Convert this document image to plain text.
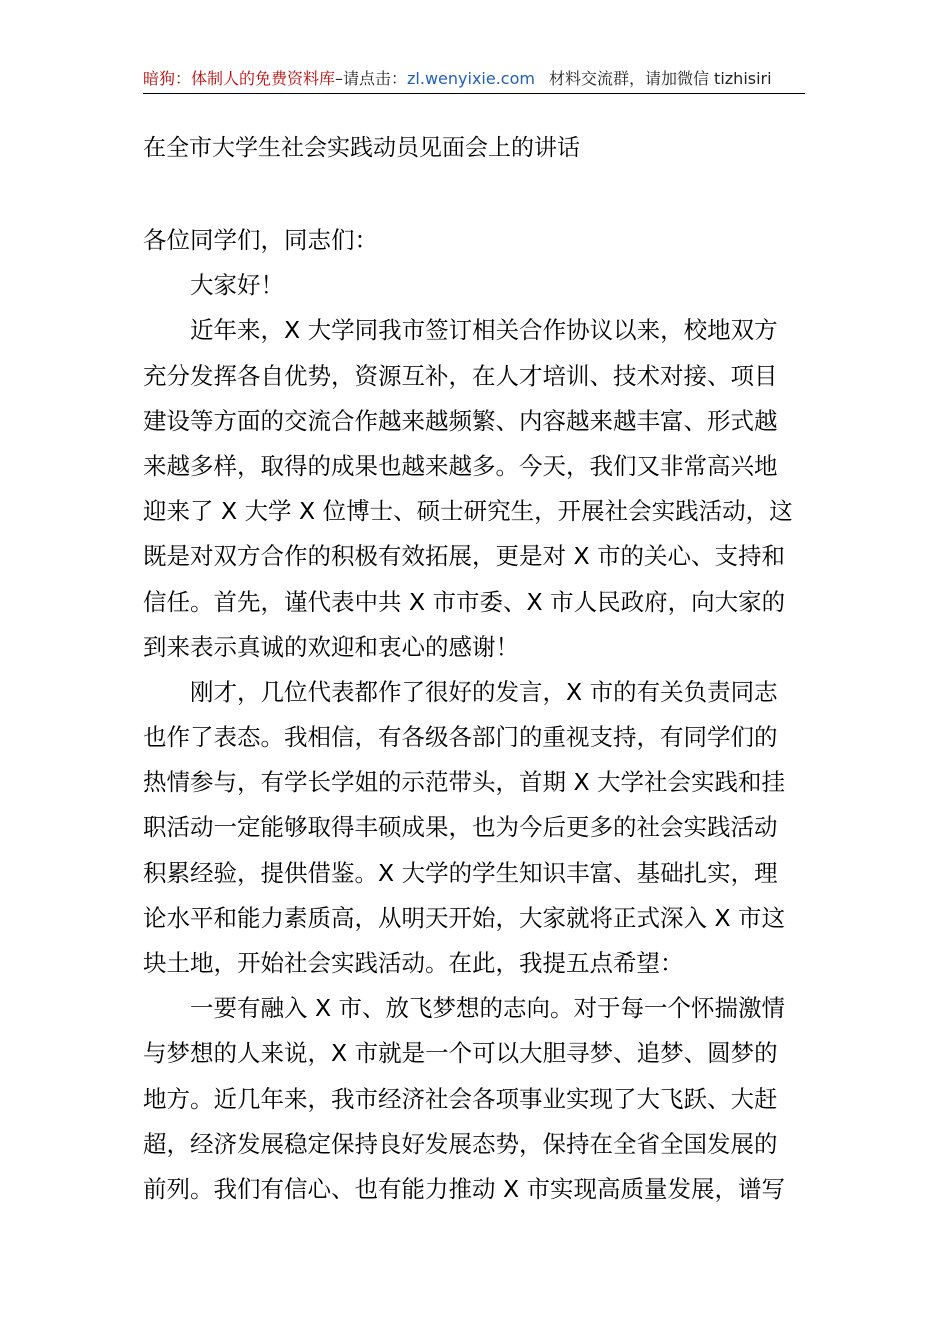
暗狗：体制人的免费资料库–请点击：zl.wenyixie.com 材料交流群，请加微信 tizhisiri
在全市大学生社会实践动员见面会上的讲话
各位同学们，同志们：
大家好！
近年来，X 大学同我市签订相关合作协议以来，校地双方
充分发挥各自优势，资源互补，在人才培训、技术对接、项目
建设等方面的交流合作越来越频繁、内容越来越丰富、形式越
来越多样，取得的成果也越来越多。今天，我们又非常高兴地
迎来了 X 大学 X 位博士、硕士研究生，开展社会实践活动，这
既是对双方合作的积极有效拓展，更是对 X 市的关心、支持和
信任。首先，谨代表中共 X 市市委、X 市人民政府，向大家的
到来表示真诚的欢迎和衷心的感谢！
刚才，几位代表都作了很好的发言，X 市的有关负责同志
也作了表态。我相信，有各级各部门的重视支持，有同学们的
热情参与，有学长学姐的示范带头，首期 X 大学社会实践和挂
职活动一定能够取得丰硕成果，也为今后更多的社会实践活动
积累经验，提供借鉴。X 大学的学生知识丰富、基础扎实，理
论水平和能力素质高，从明天开始，大家就将正式深入 X 市这
块土地，开始社会实践活动。在此，我提五点希望：
一要有融入 X 市、放飞梦想的志向。对于每一个怀揣激情
与梦想的人来说，X 市就是一个可以大胆寻梦、追梦、圆梦的
地方。近几年来，我市经济社会各项事业实现了大飞跃、大赶
超，经济发展稳定保持良好发展态势，保持在全省全国发展的
前列。我们有信心、也有能力推动 X 市实现高质量发展，谱写
